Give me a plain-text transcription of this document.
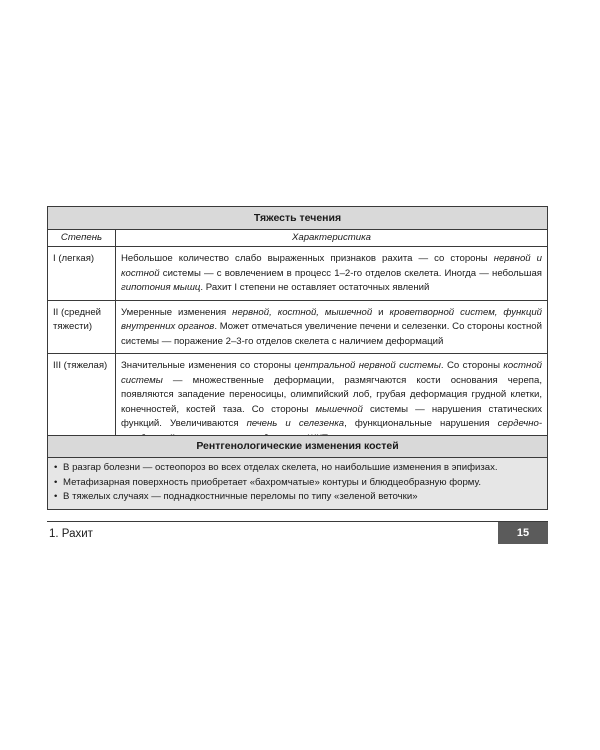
Тяжесть течения	
Степень	Характеристика

I (легкая)	Небольшое количество слабо выраженных признаков рахита — со стороны нервной и костной системы — с вовлечением в процесс 1–2-го отделов скелета. Иногда — небольшая гипотония мышц. Рахит I степени не оставляет остаточных явлений

II (средней
тяжести)	Умеренные изменения нервной, костной, мышечной и кроветворной систем, функций внутренних органов. Может отмечаться увеличение печени и селезенки. Со стороны костной системы — поражение 2–3-го отделов скелета с наличием деформаций

III (тяжелая)	Значительные изменения со стороны центральной нервной системы. Со стороны костной системы — множественные деформации, размягчаются кости основания черепа, появляются западение переносицы, олимпийский лоб, грубая деформация грудной клетки, конечностей, костей таза. Со стороны мышечной системы — нарушения статических функций. Увеличиваются печень и селезенка, функциональные нарушения сердечно-
Рентгенологические изменения костей
• В разгар болезни — остеопороз во всех отделах скелета, но наибольшие изменения в эпифизах.
• Метафизарная поверхность приобретает «бахромчатые» контуры и блюдцеобразную форму.
• В тяжелых случаях — поднадкостничные переломы по типу «зеленой веточки»
1. Рахит	15
